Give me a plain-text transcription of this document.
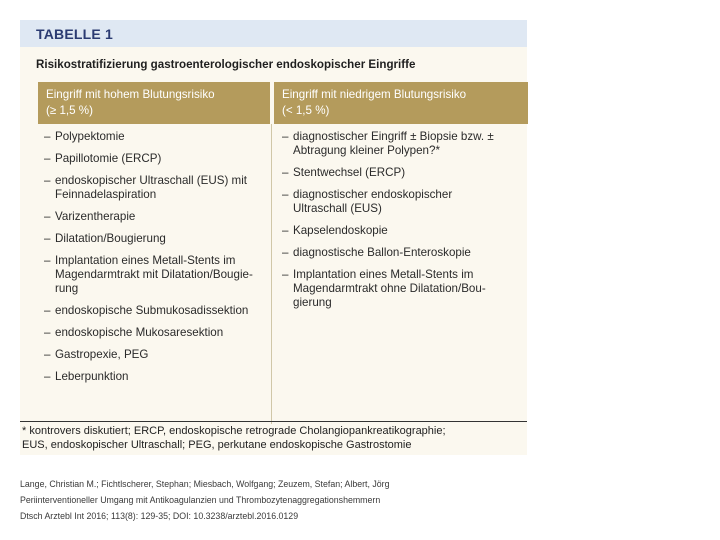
TABELLE 1
Risikostratifizierung gastroenterologischer endoskopischer Eingriffe
Eingriff mit hohem Blutungsrisiko
(≥ 1,5 %)
Eingriff mit niedrigem Blutungsrisiko
(< 1,5 %)
– Polypektomie
– Papillotomie (ERCP)
– endoskopischer Ultraschall (EUS) mit
Feinnadelaspiration
– Varizentherapie
– Dilatation/Bougierung
– Implantation eines Metall-Stents im
Magendarmtrakt mit Dilatation/Bougie-
rung
– endoskopische Submukosadissektion
– endoskopische Mukosaresektion
– Gastropexie, PEG
– Leberpunktion
– diagnostischer Eingriff ± Biopsie bzw. ±
Abtragung kleiner Polypen?*
– Stentwechsel (ERCP)
– diagnostischer endoskopischer
Ultraschall (EUS)
– Kapselendoskopie
– diagnostische Ballon-Enteroskopie
– Implantation eines Metall-Stents im
Magendarmtrakt ohne Dilatation/Bou-
gierung
* kontrovers diskutiert; ERCP, endoskopische retrograde Cholangiopankreatikographie;
EUS, endoskopischer Ultraschall; PEG, perkutane endoskopische Gastrostomie
Lange, Christian M.; Fichtlscherer, Stephan; Miesbach, Wolfgang; Zeuzem, Stefan; Albert, Jörg
Periinterventioneller Umgang mit Antikoagulanzien und Thrombozytenaggregationshemmern
Dtsch Arztebl Int 2016; 113(8): 129-35; DOI: 10.3238/arztebl.2016.0129
